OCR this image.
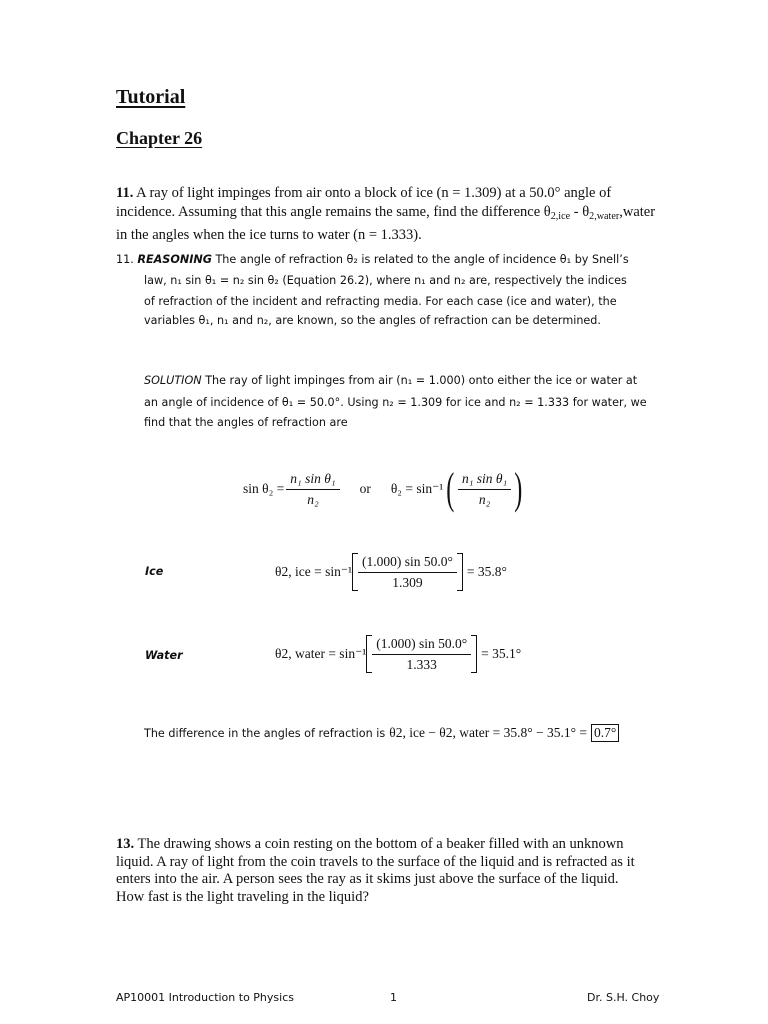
Tutorial
Chapter 26
11. A ray of light impinges from air onto a block of ice (n = 1.309) at a 50.0° angle of incidence. Assuming that this angle remains the same, find the difference $\theta_{2,ice}$ - $\theta_{2,water},water$ in the angles when the ice turns to water (n = 1.333).
11. REASONING The angle of refraction θ₂ is related to the angle of incidence θ₁ by Snell’s
law, n₁ sin θ₁ = n₂ sin θ₂ (Equation 26.2), where n₁ and n₂ are, respectively the indices
of refraction of the incident and refracting media. For each case (ice and water), the
variables θ₁, n₁ and n₂, are known, so the angles of refraction can be determined.
SOLUTION The ray of light impinges from air (n₁ = 1.000) onto either the ice or water at
an angle of incidence of θ₁ = 50.0°. Using n₂ = 1.309 for ice and n₂ = 1.333 for water, we
find that the angles of refraction are
$\sin \theta_2 = \frac{\text{n₁ sin θ₁}}{\text{n₂}}$ or θ₂ = sin⁻¹ ( $\frac{\text{n₁ sin θ₁}}{\text{n₂}}$ )
Ice	θ2, ice = $\sin^{-1} \frac{(1.000) \sin 50.0^\circ}{1.309} = 35.8^\circ$
Water	θ2, water = $\sin^{-1} \frac{(1.000) \sin 50.0^\circ}{1.333} = 35.1^\circ$
The difference in the angles of refraction is θ2, ice − θ2, water = 35.8° − 35.1° = 0.7°
13. The drawing shows a coin resting on the bottom of a beaker filled with an unknown liquid. A ray of light from the coin travels to the surface of the liquid and is refracted as it enters into the air. A person sees the ray as it skims just above the surface of the liquid. How fast is the light traveling in the liquid?
AP10001 Introduction to Physics	1	Dr. S.H. Choy
